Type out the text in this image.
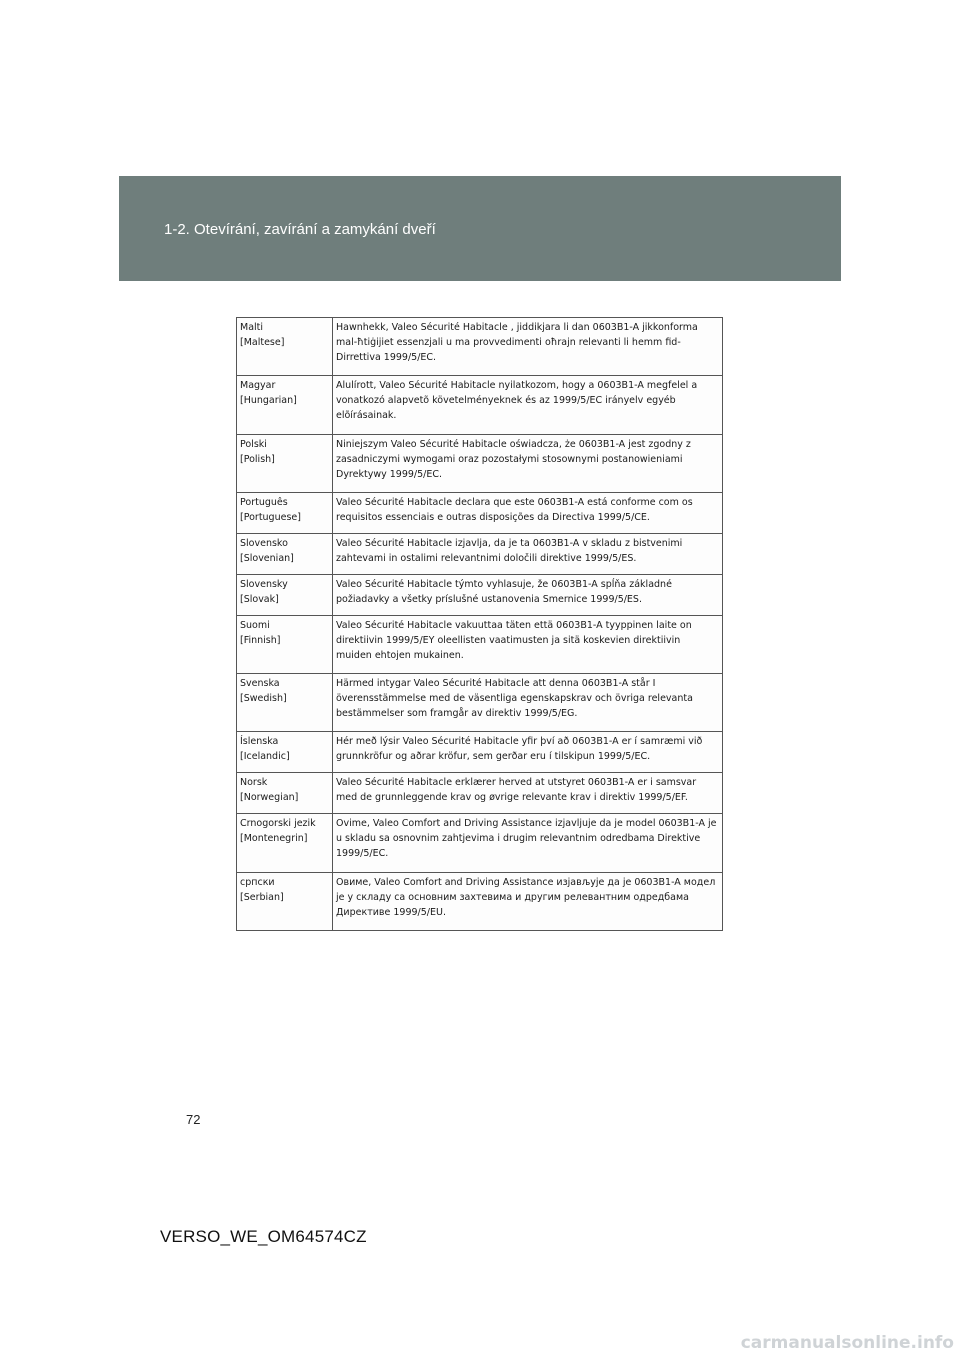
1-2. Otevírání, zavírání a zamykání dveří
Malti
[Maltese]	Hawnhekk, Valeo Sécurité Habitacle , jiddikjara li dan 0603B1-A jikkonforma mal-ħtiġijiet essenzjali u ma provvedimenti oħrajn relevanti li hemm fid-Dirrettiva 1999/5/EC.

Magyar
[Hungarian]	Alulírott, Valeo Sécurité Habitacle nyilatkozom, hogy a 0603B1-A megfelel a vonatkozó alapvetõ követelményeknek és az 1999/5/EC irányelv egyéb elõírásainak.

Polski
[Polish]	Niniejszym Valeo Sécurité Habitacle oświadcza, że 0603B1-A jest zgodny z zasadniczymi wymogami oraz pozostałymi stosownymi postanowieniami Dyrektywy 1999/5/EC.

Português
[Portuguese]	Valeo Sécurité Habitacle declara que este 0603B1-A está conforme com os requisitos essenciais e outras disposições da Directiva 1999/5/CE.

Slovensko
[Slovenian]	Valeo Sécurité Habitacle izjavlja, da je ta 0603B1-A v skladu z bistvenimi zahtevami in ostalimi relevantnimi določili direktive 1999/5/ES.

Slovensky
[Slovak]	Valeo Sécurité Habitacle týmto vyhlasuje, že 0603B1-A spĺňa základné požiadavky a všetky príslušné ustanovenia Smernice 1999/5/ES.

Suomi
[Finnish]	Valeo Sécurité Habitacle vakuuttaa täten että 0603B1-A tyyppinen laite on direktiivin 1999/5/EY oleellisten vaatimusten ja sitä koskevien direktiivin muiden ehtojen mukainen.

Svenska
[Swedish]	Härmed intygar Valeo Sécurité Habitacle att denna 0603B1-A står I överensstämmelse med de väsentliga egenskapskrav och övriga relevanta bestämmelser som framgår av direktiv 1999/5/EG.

Íslenska
[Icelandic]	Hér með lýsir Valeo Sécurité Habitacle yfir því að 0603B1-A er í samræmi við grunnkröfur og aðrar kröfur, sem gerðar eru í tilskipun 1999/5/EC.

Norsk
[Norwegian]	Valeo Sécurité Habitacle erklærer herved at utstyret 0603B1-A er i samsvar med de grunnleggende krav og øvrige relevante krav i direktiv 1999/5/EF.

Crnogorski jezik
[Montenegrin]	Ovime, Valeo Comfort and Driving Assistance izjavljuje da je model 0603B1-A je u skladu sa osnovnim zahtjevima i drugim relevantnim odredbama Direktive 1999/5/EC.

српски
[Serbian]	Овиме, Valeo Comfort and Driving Assistance изјављује да је 0603B1-A модел је у складу са основним захтевима и другим релевантним одредбама Директиве 1999/5/EU.
72
VERSO_WE_OM64574CZ
carmanualsonline.info
